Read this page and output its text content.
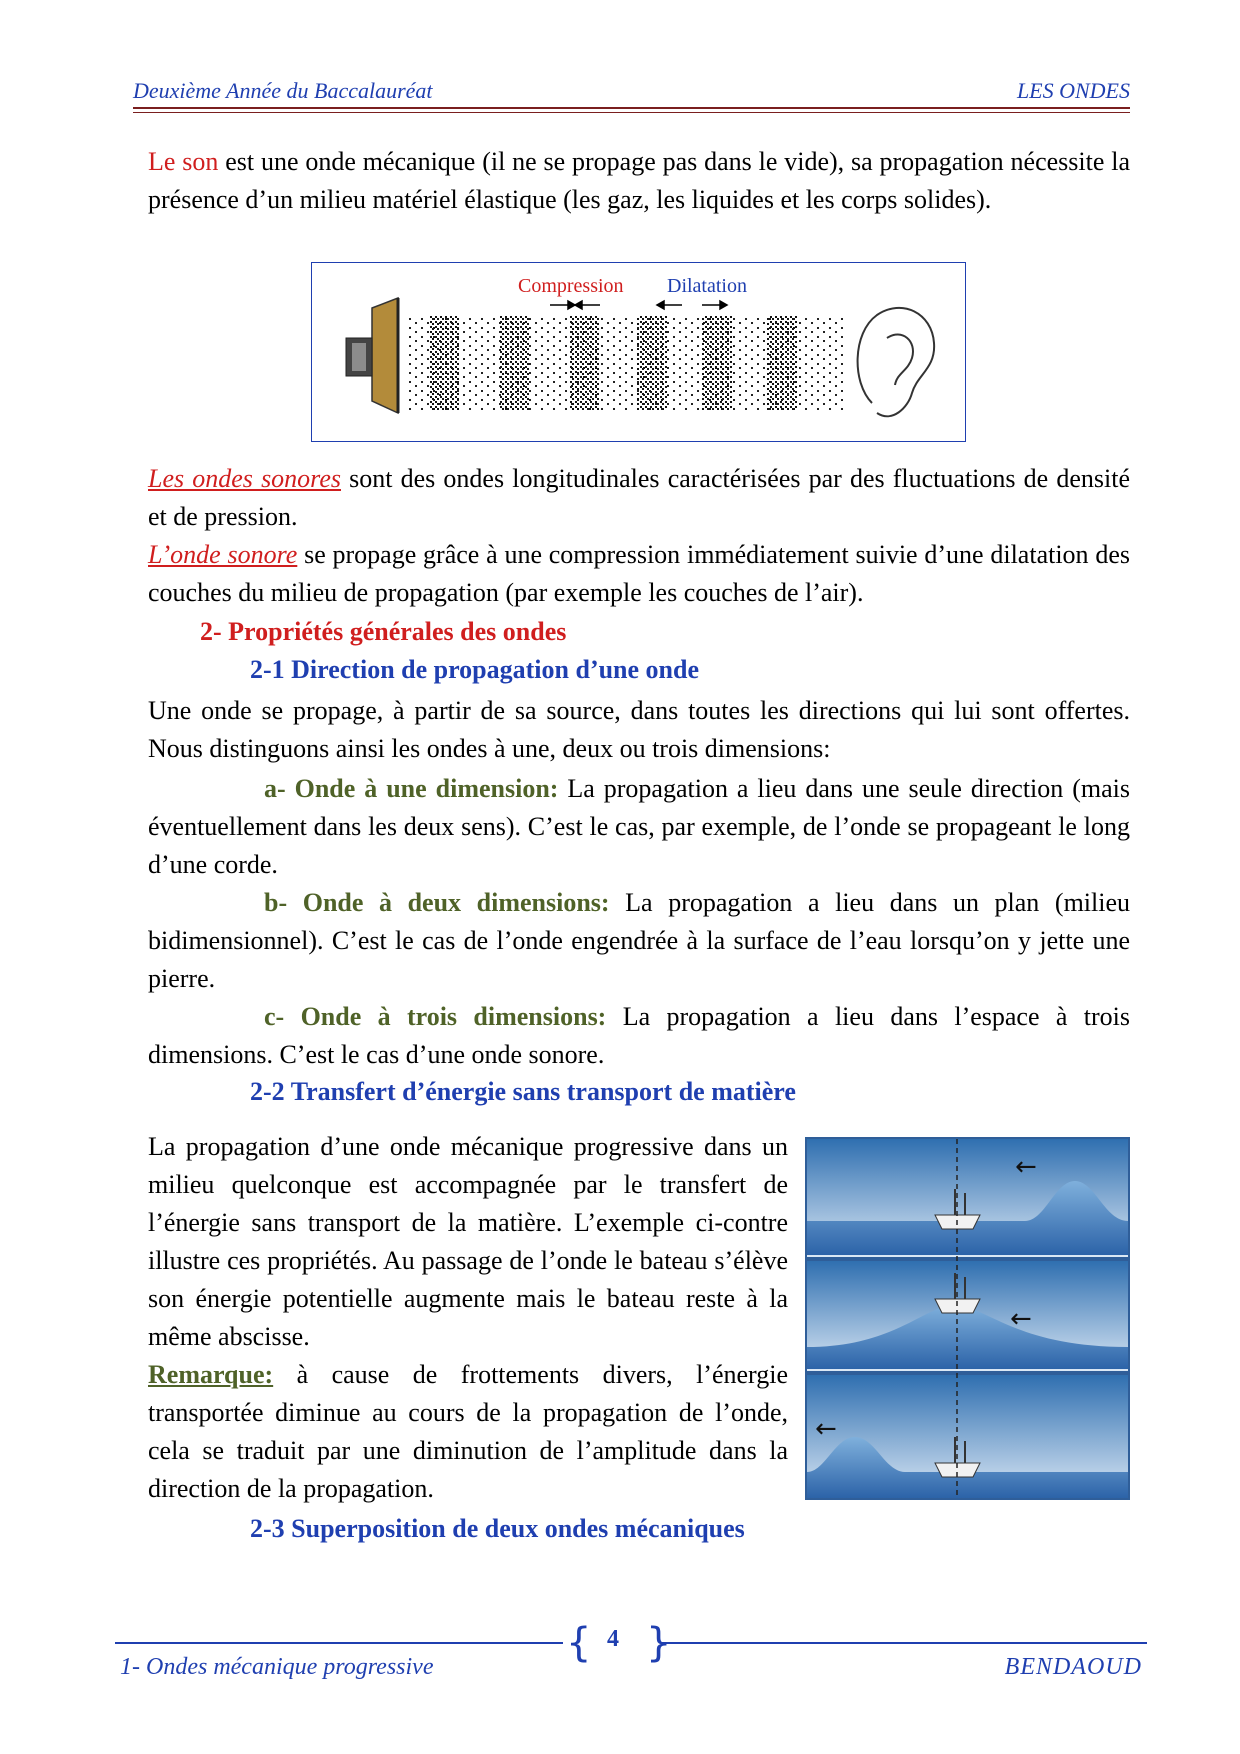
Deuxième Année du Baccalauréat	LES ONDES
Le son est une onde mécanique (il ne se propage pas dans le vide), sa propagation nécessite la présence d’un milieu matériel élastique (les gaz, les liquides et les corps solides).
Compression Dilatation
Les ondes sonores sont des ondes longitudinales caractérisées par des fluctuations de densité et de pression.
L’onde sonore se propage grâce à une compression immédiatement suivie d’une dilatation des couches du milieu de propagation (par exemple les couches de l’air).
2- Propriétés générales des ondes
2-1 Direction de propagation d’une onde
Une onde se propage, à partir de sa source, dans toutes les directions qui lui sont offertes. Nous distinguons ainsi les ondes à une, deux ou trois dimensions:
a- Onde à une dimension: La propagation a lieu dans une seule direction (mais éventuellement dans les deux sens). C’est le cas, par exemple, de l’onde se propageant le long d’une corde.
b- Onde à deux dimensions: La propagation a lieu dans un plan (milieu bidimensionnel). C’est le cas de l’onde engendrée à la surface de l’eau lorsqu’on y jette une pierre.
c- Onde à trois dimensions: La propagation a lieu dans l’espace à trois dimensions. C’est le cas d’une onde sonore.
2-2 Transfert d’énergie sans transport de matière
La propagation d’une onde mécanique progressive dans un milieu quelconque est accompagnée par le transfert de l’énergie sans transport de la matière. L’exemple ci-contre illustre ces propriétés. Au passage de l’onde le bateau s’élève son énergie potentielle augmente mais le bateau reste à la même abscisse.
Remarque: à cause de frottements divers, l’énergie transportée diminue au cours de la propagation de l’onde, cela se traduit par une diminution de l’amplitude dans la direction de la propagation.
←
←
←
2-3 Superposition de deux ondes mécaniques
{ }
4
1- Ondes mécanique progressive	BENDAOUD
